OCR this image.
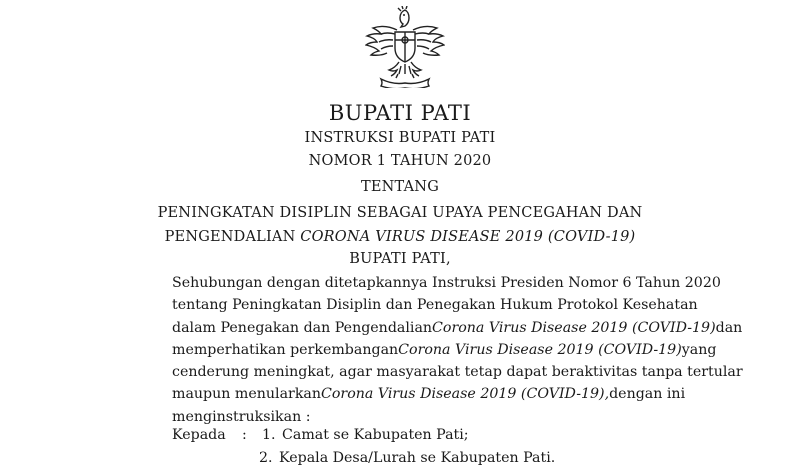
BUPATI PATI
INSTRUKSI BUPATI PATI
NOMOR 1 TAHUN 2020
TENTANG
PENINGKATAN DISIPLIN SEBAGAI UPAYA PENCEGAHAN DAN
PENGENDALIAN CORONA VIRUS DISEASE 2019 (COVID-19)
BUPATI PATI,
Sehubungan dengan ditetapkannya Instruksi Presiden Nomor 6 Tahun 2020
tentang Peningkatan Disiplin dan Penegakan Hukum Protokol Kesehatan
dalam Penegakan dan Pengendalian Corona Virus Disease 2019 (COVID-19) dan
memperhatikan perkembangan Corona Virus Disease 2019 (COVID-19) yang
cenderung meningkat, agar masyarakat tetap dapat beraktivitas tanpa tertular
maupun menularkan Corona Virus Disease 2019 (COVID-19), dengan ini
menginstruksikan :
Kepada : 1. Camat se Kabupaten Pati;
2. Kepala Desa/Lurah se Kabupaten Pati.
